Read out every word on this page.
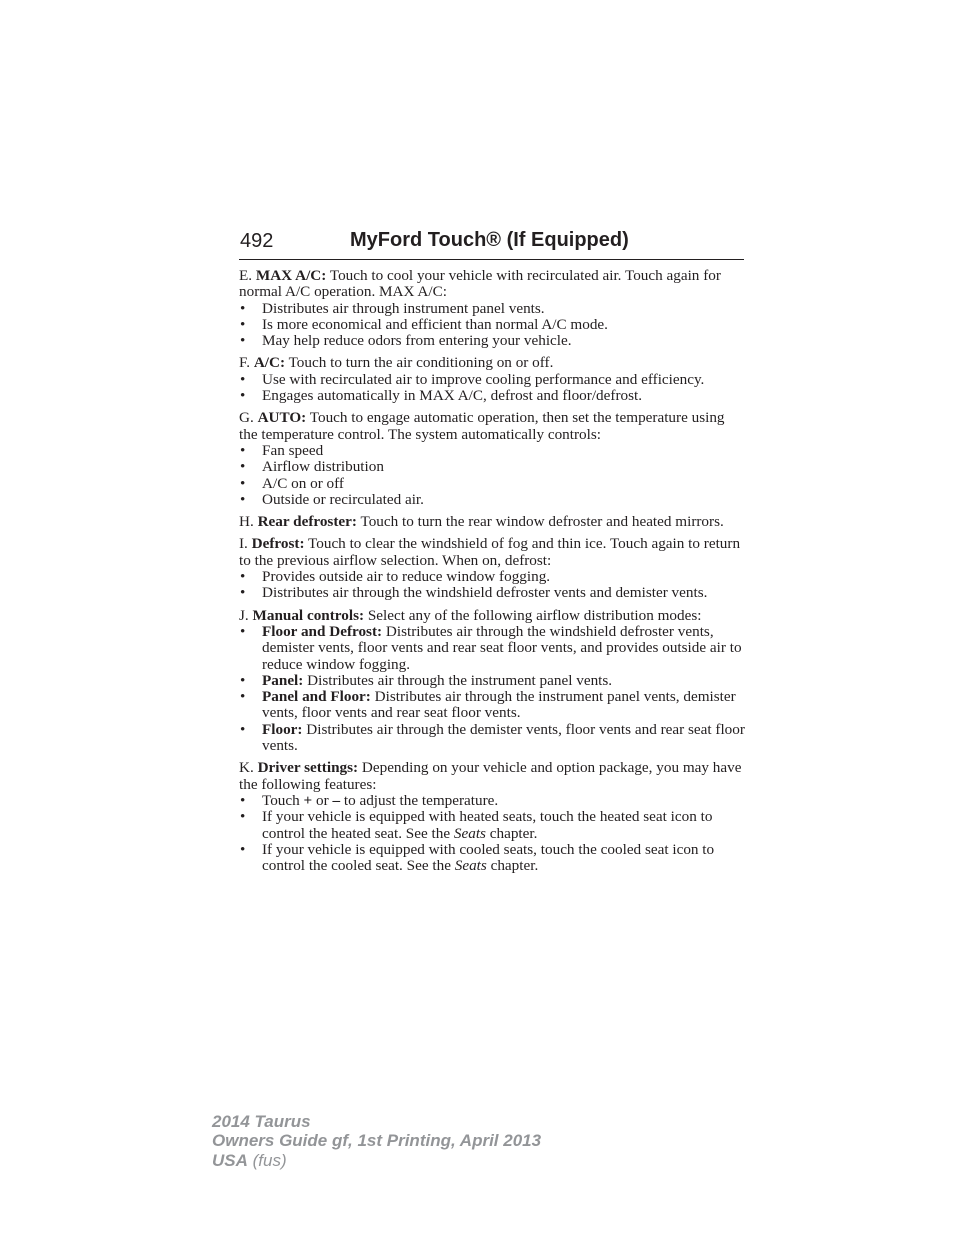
492	MyFord Touch® (If Equipped)

E. MAX A/C: Touch to cool your vehicle with recirculated air. Touch again for normal A/C operation. MAX A/C:

• Distributes air through instrument panel vents.
• Is more economical and efficient than normal A/C mode.
• May help reduce odors from entering your vehicle.

F. A/C: Touch to turn the air conditioning on or off.

• Use with recirculated air to improve cooling performance and efficiency.
• Engages automatically in MAX A/C, defrost and floor/defrost.

G. AUTO: Touch to engage automatic operation, then set the temperature using the temperature control. The system automatically controls:

• Fan speed
• Airflow distribution
• A/C on or off
• Outside or recirculated air.

H. Rear defroster: Touch to turn the rear window defroster and heated mirrors.

I. Defrost: Touch to clear the windshield of fog and thin ice. Touch again to return to the previous airflow selection. When on, defrost:

• Provides outside air to reduce window fogging.
• Distributes air through the windshield defroster vents and demister vents.

J. Manual controls: Select any of the following airflow distribution modes:

• Floor and Defrost: Distributes air through the windshield defroster vents, demister vents, floor vents and rear seat floor vents, and provides outside air to reduce window fogging.
• Panel: Distributes air through the instrument panel vents.
• Panel and Floor: Distributes air through the instrument panel vents, demister vents, floor vents and rear seat floor vents.
• Floor: Distributes air through the demister vents, floor vents and rear seat floor vents.

K. Driver settings: Depending on your vehicle and option package, you may have the following features:

• Touch + or – to adjust the temperature.
• If your vehicle is equipped with heated seats, touch the heated seat icon to control the heated seat. See the Seats chapter.
• If your vehicle is equipped with cooled seats, touch the cooled seat icon to control the cooled seat. See the Seats chapter.
2014 Taurus
Owners Guide gf, 1st Printing, April 2013
USA (fus)
